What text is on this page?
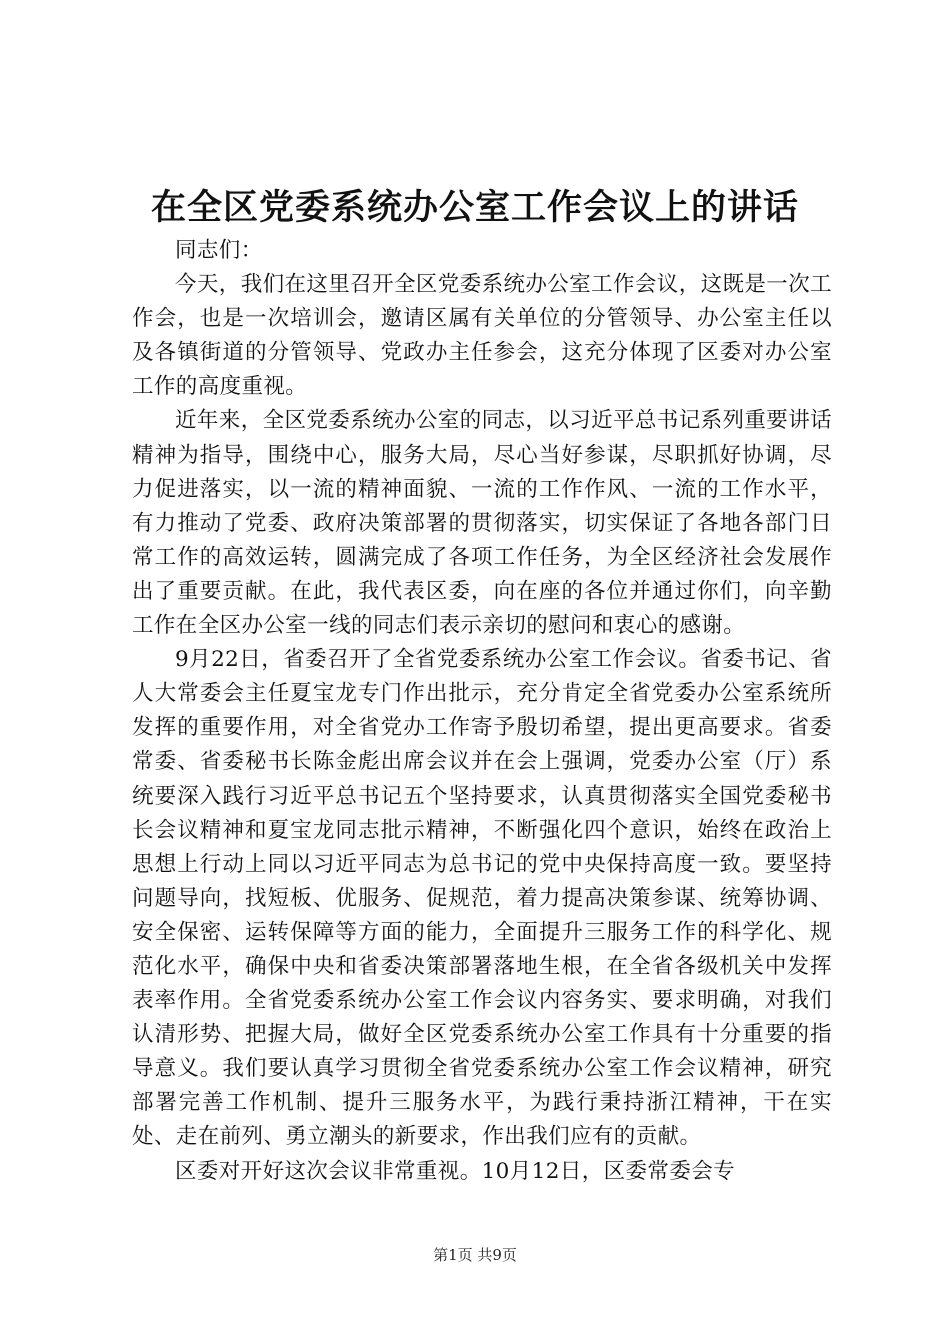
在全区党委系统办公室工作会议上的讲话

同志们：

今天，我们在这里召开全区党委系统办公室工作会议，这既是一次工作会，也是一次培训会，邀请区属有关单位的分管领导、办公室主任以及各镇街道的分管领导、党政办主任参会，这充分体现了区委对办公室工作的高度重视。

近年来，全区党委系统办公室的同志，以习近平总书记系列重要讲话精神为指导，围绕中心，服务大局，尽心当好参谋，尽职抓好协调，尽力促进落实，以一流的精神面貌、一流的工作作风、一流的工作水平，有力推动了党委、政府决策部署的贯彻落实，切实保证了各地各部门日常工作的高效运转，圆满完成了各项工作任务，为全区经济社会发展作出了重要贡献。在此，我代表区委，向在座的各位并通过你们，向辛勤工作在全区办公室一线的同志们表示亲切的慰问和衷心的感谢。

9月22日，省委召开了全省党委系统办公室工作会议。省委书记、省人大常委会主任夏宝龙专门作出批示，充分肯定全省党委办公室系统所发挥的重要作用，对全省党办工作寄予殷切希望，提出更高要求。省委常委、省委秘书长陈金彪出席会议并在会上强调，党委办公室（厅）系统要深入践行习近平总书记五个坚持要求，认真贯彻落实全国党委秘书长会议精神和夏宝龙同志批示精神，不断强化四个意识，始终在政治上思想上行动上同以习近平同志为总书记的党中央保持高度一致。要坚持问题导向，找短板、优服务、促规范，着力提高决策参谋、统筹协调、安全保密、运转保障等方面的能力，全面提升三服务工作的科学化、规范化水平，确保中央和省委决策部署落地生根，在全省各级机关中发挥表率作用。全省党委系统办公室工作会议内容务实、要求明确，对我们认清形势、把握大局，做好全区党委系统办公室工作具有十分重要的指导意义。我们要认真学习贯彻全省党委系统办公室工作会议精神，研究部署完善工作机制、提升三服务水平，为践行秉持浙江精神，干在实处、走在前列、勇立潮头的新要求，作出我们应有的贡献。

区委对开好这次会议非常重视。10月12日，区委常委会专

第1页 共9页
